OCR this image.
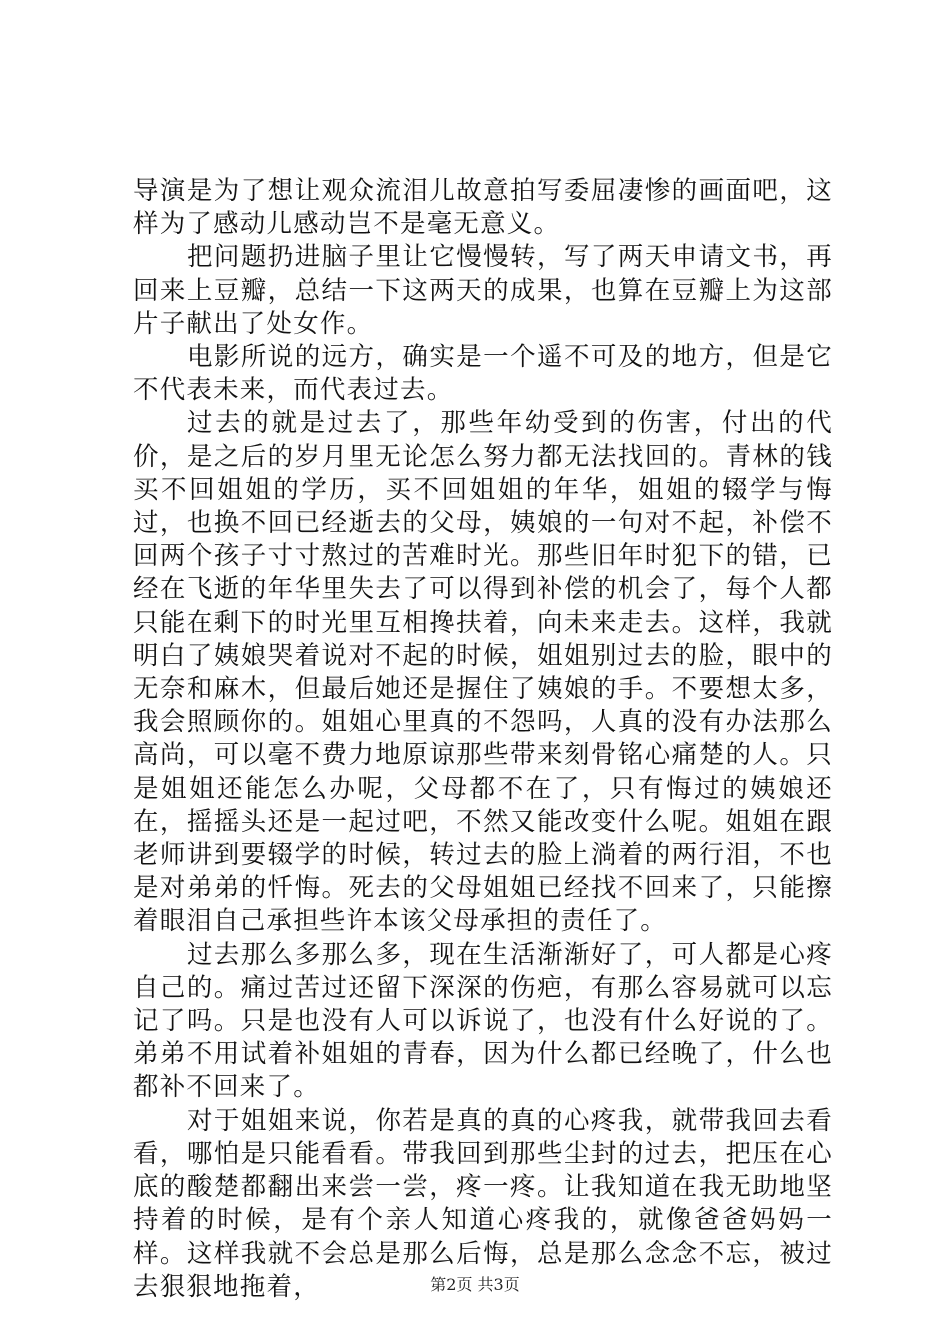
导演是为了想让观众流泪儿故意拍写委屈凄惨的画面吧，这样为了感动儿感动岂不是毫无意义。

把问题扔进脑子里让它慢慢转，写了两天申请文书，再回来上豆瓣，总结一下这两天的成果，也算在豆瓣上为这部片子献出了处女作。

电影所说的远方，确实是一个遥不可及的地方，但是它不代表未来，而代表过去。

过去的就是过去了，那些年幼受到的伤害，付出的代价，是之后的岁月里无论怎么努力都无法找回的。青林的钱买不回姐姐的学历，买不回姐姐的年华，姐姐的辍学与悔过，也换不回已经逝去的父母，姨娘的一句对不起，补偿不回两个孩子寸寸熬过的苦难时光。那些旧年时犯下的错，已经在飞逝的年华里失去了可以得到补偿的机会了，每个人都只能在剩下的时光里互相搀扶着，向未来走去。这样，我就明白了姨娘哭着说对不起的时候，姐姐别过去的脸，眼中的无奈和麻木，但最后她还是握住了姨娘的手。不要想太多，我会照顾你的。姐姐心里真的不怨吗，人真的没有办法那么高尚，可以毫不费力地原谅那些带来刻骨铭心痛楚的人。只是姐姐还能怎么办呢，父母都不在了，只有悔过的姨娘还在，摇摇头还是一起过吧，不然又能改变什么呢。姐姐在跟老师讲到要辍学的时候，转过去的脸上淌着的两行泪，不也是对弟弟的忏悔。死去的父母姐姐已经找不回来了，只能擦着眼泪自己承担些许本该父母承担的责任了。

过去那么多那么多，现在生活渐渐好了，可人都是心疼自己的。痛过苦过还留下深深的伤疤，有那么容易就可以忘记了吗。只是也没有人可以诉说了，也没有什么好说的了。弟弟不用试着补姐姐的青春，因为什么都已经晚了，什么也都补不回来了。

对于姐姐来说，你若是真的真的心疼我，就带我回去看看，哪怕是只能看看。带我回到那些尘封的过去，把压在心底的酸楚都翻出来尝一尝，疼一疼。让我知道在我无助地坚持着的时候，是有个亲人知道心疼我的，就像爸爸妈妈一样。这样我就不会总是那么后悔，总是那么念念不忘，被过去狠狠地拖着，	第2页 共3页
